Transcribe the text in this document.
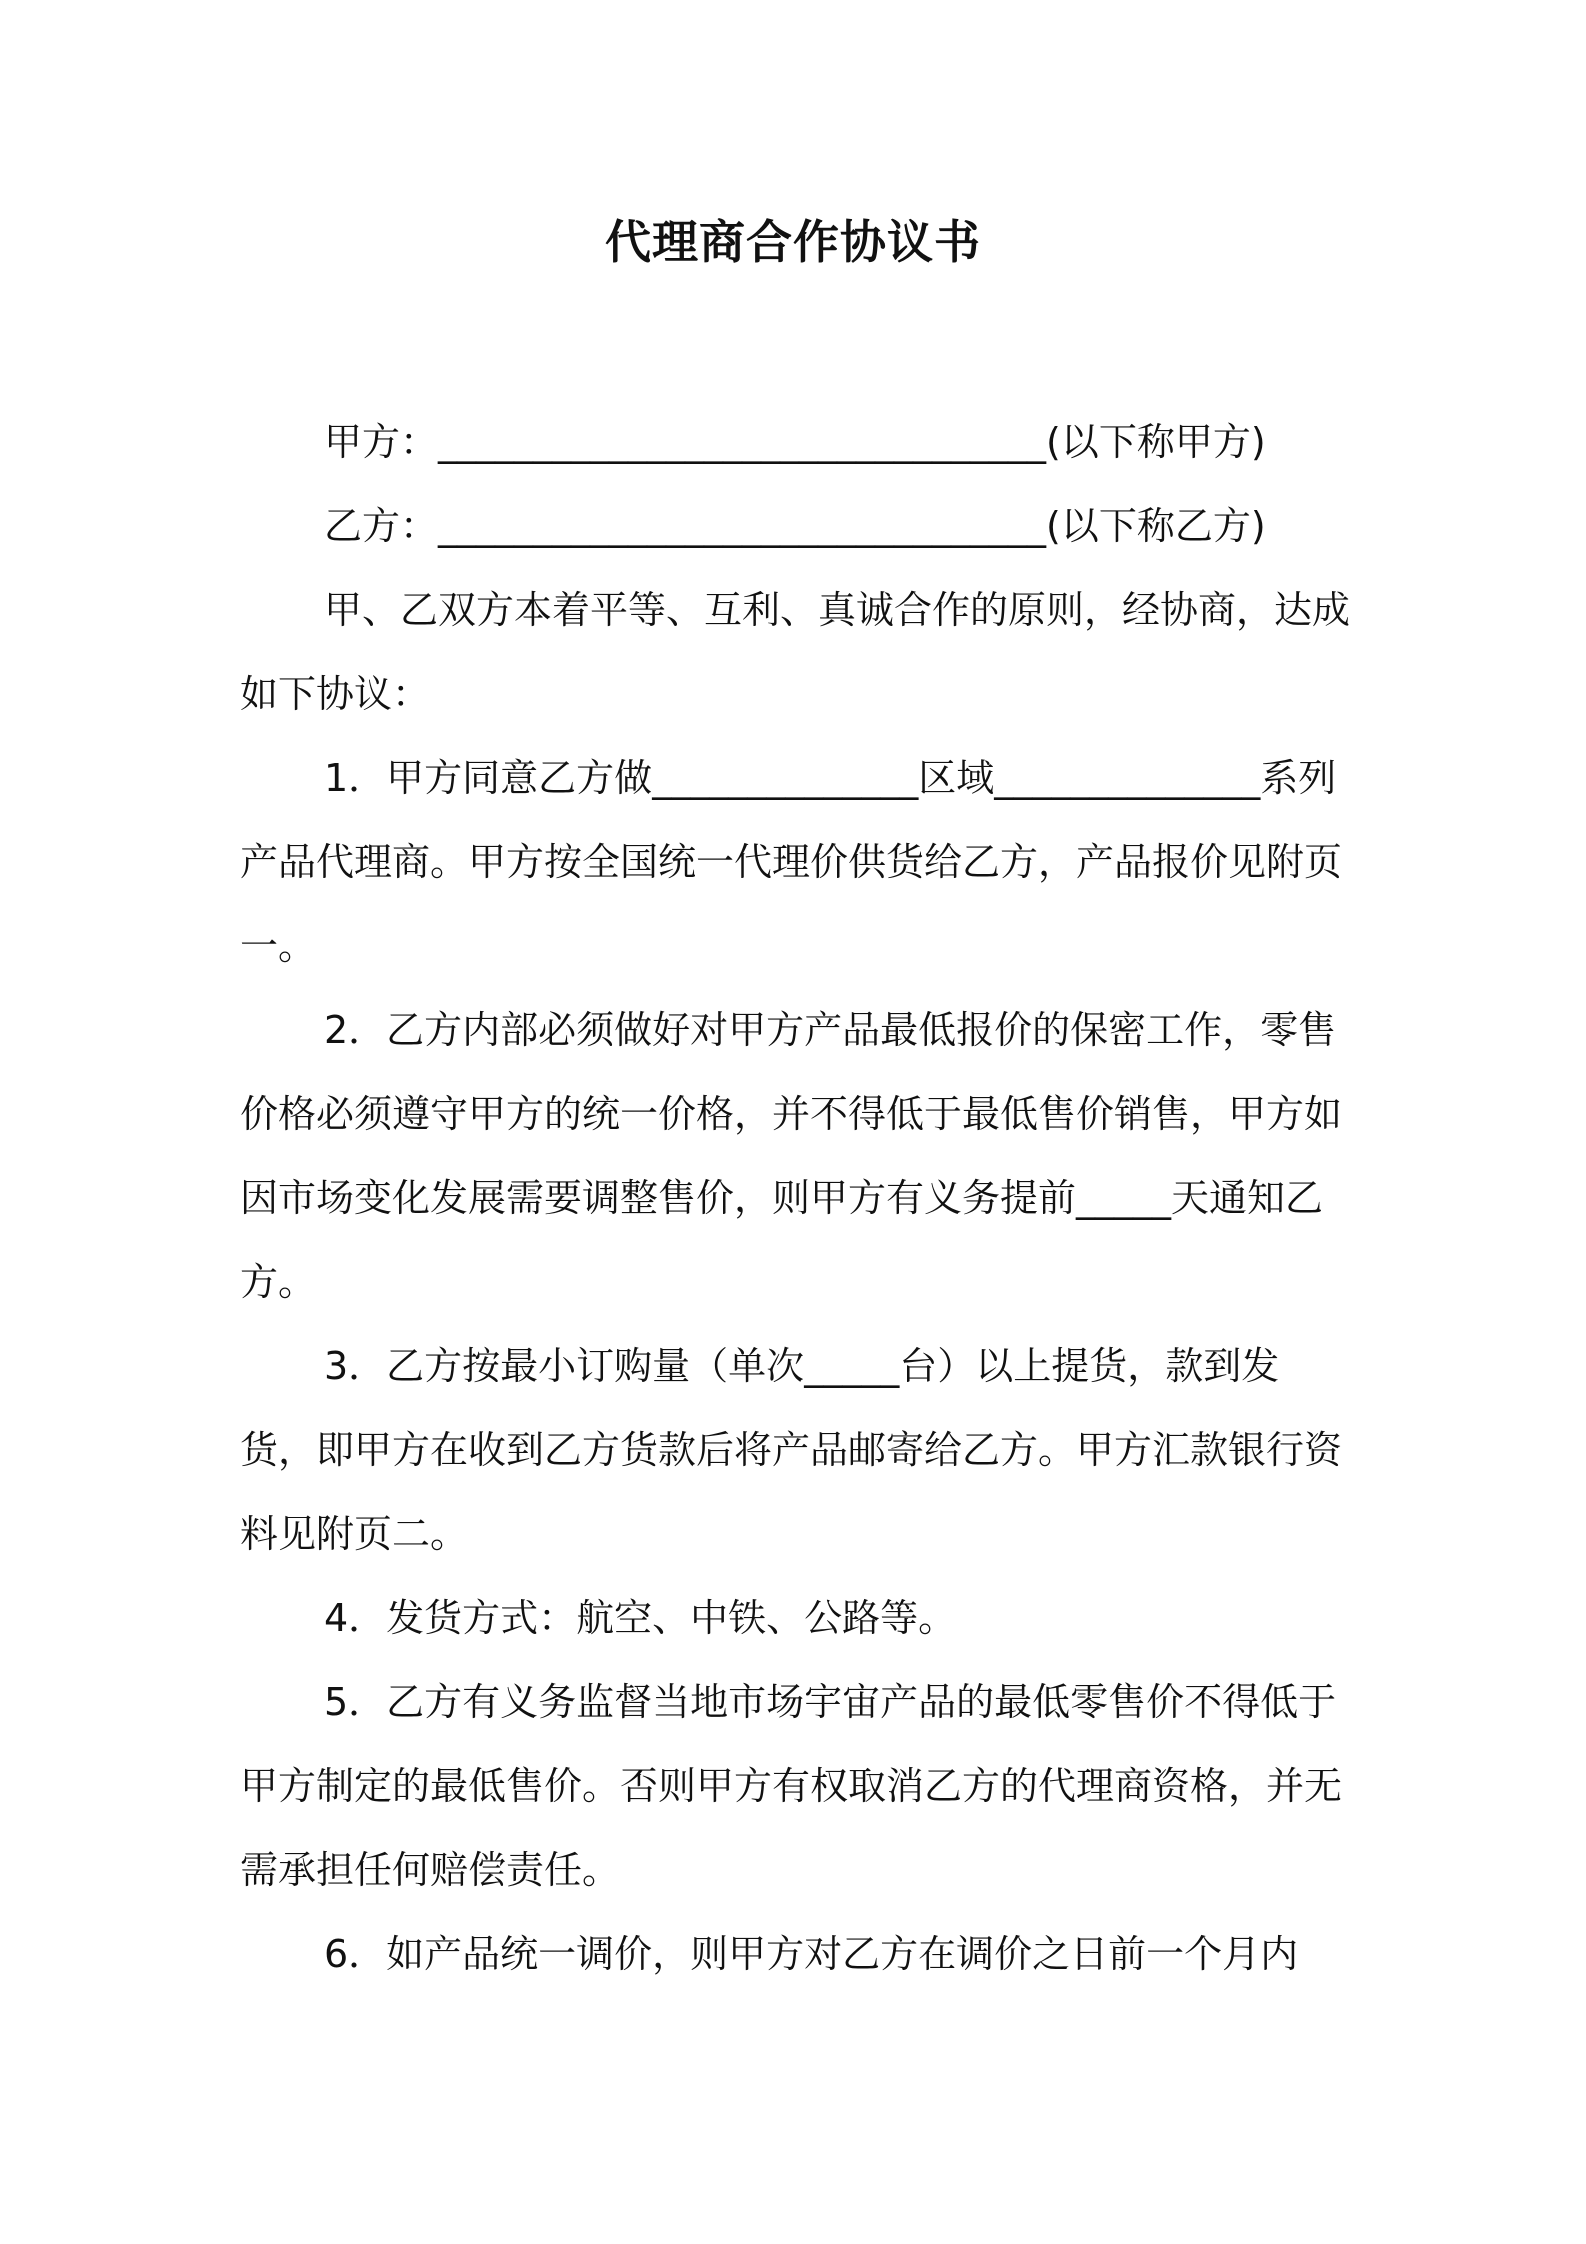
代理商合作协议书

甲方：________________________________(以下称甲方)

乙方：________________________________(以下称乙方)

甲、乙双方本着平等、互利、真诚合作的原则，经协商，达成如下协议：

1．甲方同意乙方做______________区域______________系列产品代理商。甲方按全国统一代理价供货给乙方，产品报价见附页一。

2．乙方内部必须做好对甲方产品最低报价的保密工作，零售价格必须遵守甲方的统一价格，并不得低于最低售价销售，甲方如因市场变化发展需要调整售价，则甲方有义务提前_____天通知乙方。

3．乙方按最小订购量（单次_____台）以上提货，款到发货，即甲方在收到乙方货款后将产品邮寄给乙方。甲方汇款银行资料见附页二。

4．发货方式：航空、中铁、公路等。

5．乙方有义务监督当地市场宇宙产品的最低零售价不得低于甲方制定的最低售价。否则甲方有权取消乙方的代理商资格，并无需承担任何赔偿责任。

6．如产品统一调价，则甲方对乙方在调价之日前一个月内
